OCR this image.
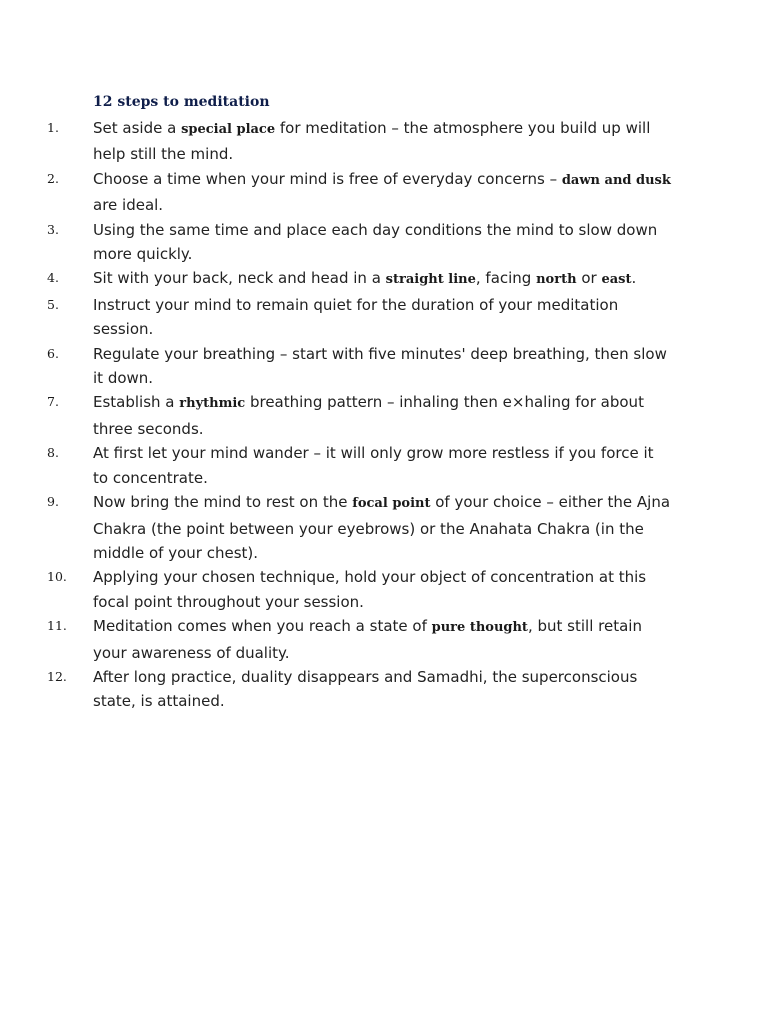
12 steps to meditation
1. Set aside a special place for meditation – the atmosphere you build up will help still the mind.
2. Choose a time when your mind is free of everyday concerns – dawn and dusk are ideal.
3. Using the same time and place each day conditions the mind to slow down more quickly.
4. Sit with your back, neck and head in a straight line, facing north or east.
5. Instruct your mind to remain quiet for the duration of your meditation session.
6. Regulate your breathing – start with five minutes' deep breathing, then slow it down.
7. Establish a rhythmic breathing pattern – inhaling then e×haling for about three seconds.
8. At first let your mind wander – it will only grow more restless if you force it to concentrate.
9. Now bring the mind to rest on the focal point of your choice – either the Ajna Chakra (the point between your eyebrows) or the Anahata Chakra (in the middle of your chest).
10. Applying your chosen technique, hold your object of concentration at this focal point throughout your session.
11. Meditation comes when you reach a state of pure thought, but still retain your awareness of duality.
12. After long practice, duality disappears and Samadhi, the superconscious state, is attained.
